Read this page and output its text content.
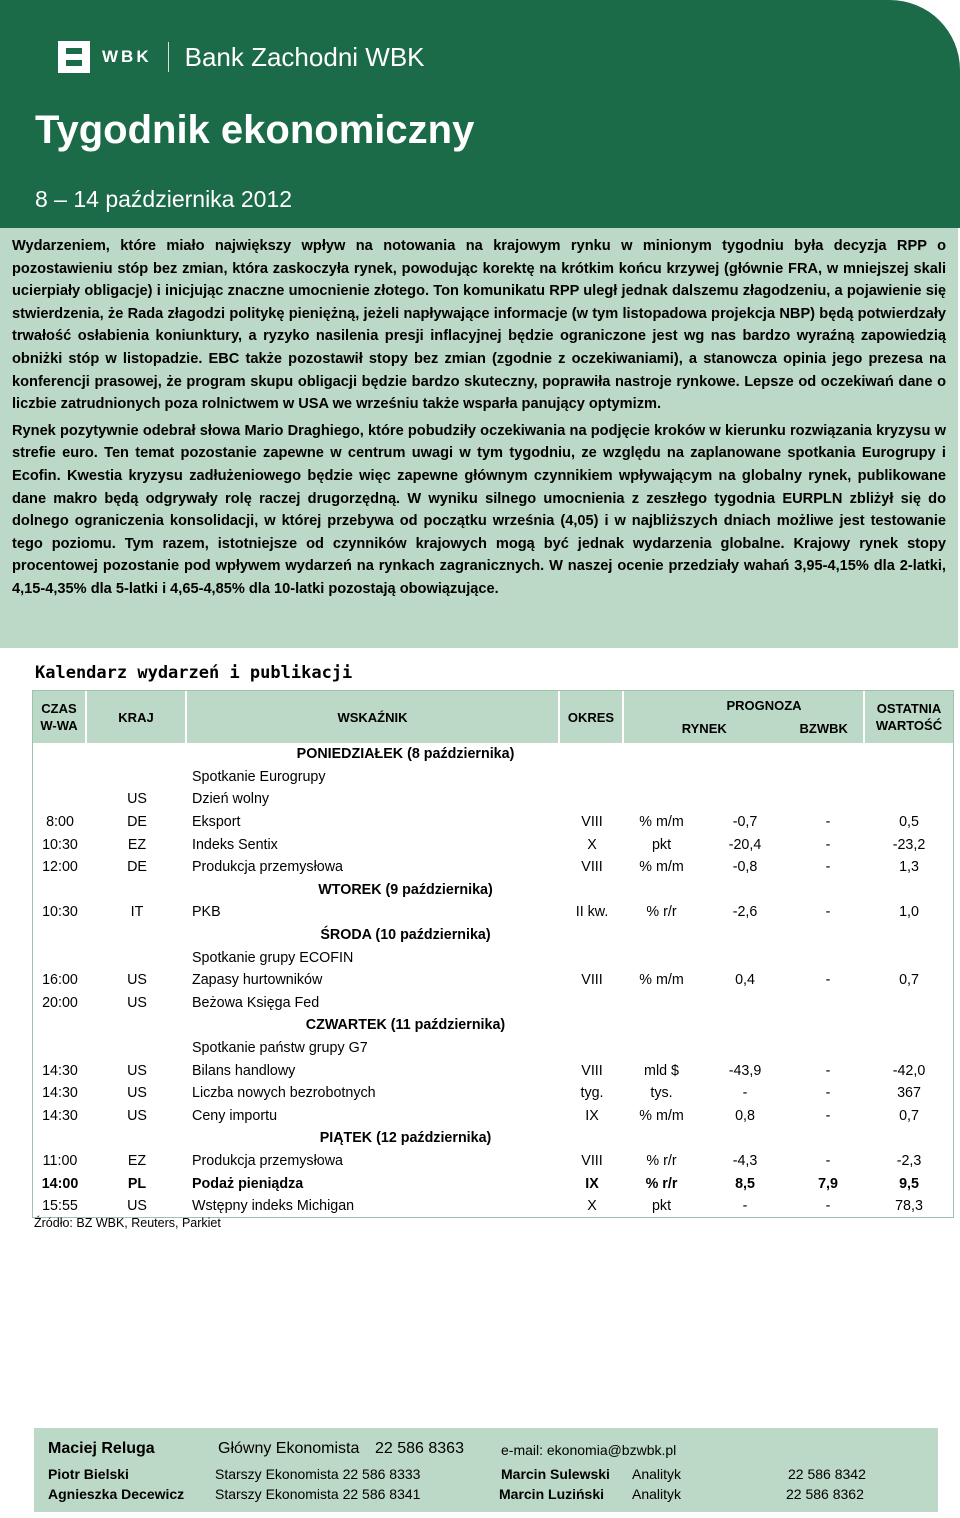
WBK	Bank Zachodni WBK
Tygodnik ekonomiczny
8 – 14 października 2012

Wydarzeniem, które miało największy wpływ na notowania na krajowym rynku w minionym tygodniu była decyzja RPP o pozostawieniu stóp bez zmian, która zaskoczyła rynek, powodując korektę na krótkim końcu krzywej (głównie FRA, w mniejszej skali ucierpiały obligacje) i inicjując znaczne umocnienie złotego. Ton komunikatu RPP uległ jednak dalszemu złagodzeniu, a pojawienie się stwierdzenia, że Rada złagodzi politykę pieniężną, jeżeli napływające informacje (w tym listopadowa projekcja NBP) będą potwierdzały trwałość osłabienia koniunktury, a ryzyko nasilenia presji inflacyjnej będzie ograniczone jest wg nas bardzo wyraźną zapowiedzią obniżki stóp w listopadzie. EBC także pozostawił stopy bez zmian (zgodnie z oczekiwaniami), a stanowcza opinia jego prezesa na konferencji prasowej, że program skupu obligacji będzie bardzo skuteczny, poprawiła nastroje rynkowe. Lepsze od oczekiwań dane o liczbie zatrudnionych poza rolnictwem w USA we wrześniu także wsparła panujący optymizm.

Rynek pozytywnie odebrał słowa Mario Draghiego, które pobudziły oczekiwania na podjęcie kroków w kierunku rozwiązania kryzysu w strefie euro. Ten temat pozostanie zapewne w centrum uwagi w tym tygodniu, ze względu na zaplanowane spotkania Eurogrupy i Ecofin. Kwestia kryzysu zadłużeniowego będzie więc zapewne głównym czynnikiem wpływającym na globalny rynek, publikowane dane makro będą odgrywały rolę raczej drugorzędną. W wyniku silnego umocnienia z zeszłego tygodnia EURPLN zbliżył się do dolnego ograniczenia konsolidacji, w której przebywa od początku września (4,05) i w najbliższych dniach możliwe jest testowanie tego poziomu. Tym razem, istotniejsze od czynników krajowych mogą być jednak wydarzenia globalne. Krajowy rynek stopy procentowej pozostanie pod wpływem wydarzeń na rynkach zagranicznych. W naszej ocenie przedziały wahań 3,95-4,15% dla 2-latki, 4,15-4,35% dla 5-latki i 4,65-4,85% dla 10-latki pozostają obowiązujące.

Kalendarz wydarzeń i publikacji
CZAS
W-WA
KRAJ	WSKAŹNIK	OKRES
PROGNOZA
RYNEK	BZWBK
OSTATNIA
WARTOŚĆ
		PONIEDZIAŁEK (8 października)					
		Spotkanie Eurogrupy					
	US	Dzień wolny					
8:00	DE	Eksport	VIII	% m/m	-0,7	-	0,5
10:30	EZ	Indeks Sentix	X	pkt	-20,4	-	-23,2
12:00	DE	Produkcja przemysłowa	VIII	% m/m	-0,8	-	1,3
		WTOREK (9 października)					
10:30	IT	PKB	II kw.	% r/r	-2,6	-	1,0
		ŚRODA (10 października)					
		Spotkanie grupy ECOFIN					
16:00	US	Zapasy hurtowników	VIII	% m/m	0,4	-	0,7
20:00	US	Beżowa Księga Fed					
		CZWARTEK (11 października)					
		Spotkanie państw grupy G7					
14:30	US	Bilans handlowy	VIII	mld $	-43,9	-	-42,0
14:30	US	Liczba nowych bezrobotnych	tyg.	tys.	-	-	367
14:30	US	Ceny importu	IX	% m/m	0,8	-	0,7
		PIĄTEK (12 października)					
11:00	EZ	Produkcja przemysłowa	VIII	% r/r	-4,3	-	-2,3
14:00	PL	Podaż pieniądza	IX	% r/r	8,5	7,9	9,5
15:55	US	Wstępny indeks Michigan	X	pkt	-	-	78,3
Źródło: BZ WBK, Reuters, Parkiet
Maciej Reluga	Główny Ekonomista 22 586 8363	e-mail: ekonomia@bzwbk.pl
Piotr Bielski	Starszy Ekonomista 22 586 8333	Marcin Sulewski Analityk	22 586 8342
Agnieszka Decewicz Starszy Ekonomista 22 586 8341	Marcin Luziński Analityk	22 586 8362
